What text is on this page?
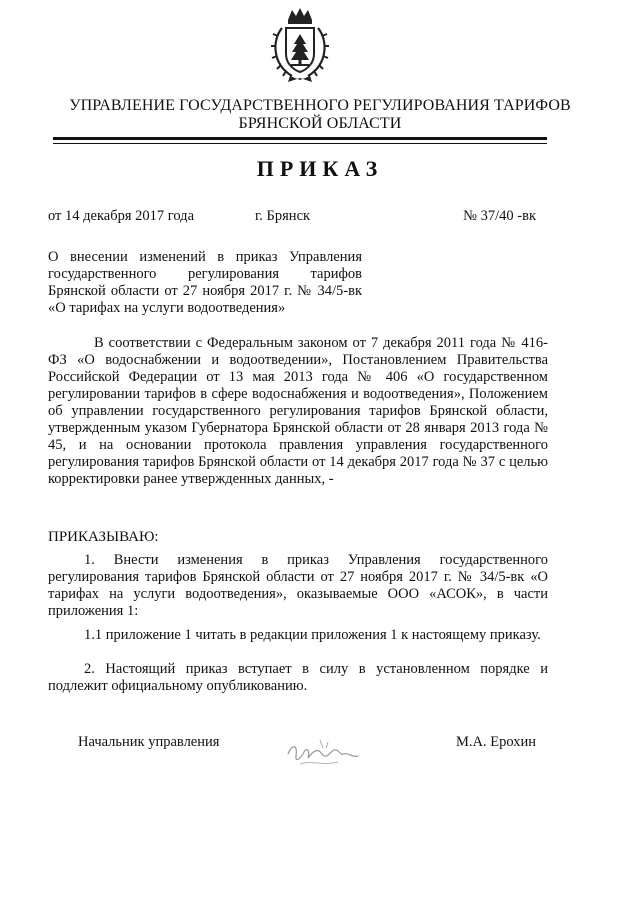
УПРАВЛЕНИЕ ГОСУДАРСТВЕННОГО РЕГУЛИРОВАНИЯ ТАРИФОВ
БРЯНСКОЙ ОБЛАСТИ
ПРИКАЗ
от 14 декабря 2017 года	г. Брянск	№ 37/40 -вк
О внесении изменений в приказ Управления государственного регулирования тарифов Брянской области от 27 ноября 2017 г. № 34/5-вк «О тарифах на услуги водоотведения»
В соответствии с Федеральным законом от 7 декабря 2011 года № 416-ФЗ «О водоснабжении и водоотведении», Постановлением Правительства Российской Федерации от 13 мая 2013 года № 406 «О государственном регулировании тарифов в сфере водоснабжения и водоотведения», Положением об управлении государственного регулирования тарифов Брянской области, утвержденным указом Губернатора Брянской области от 28 января 2013 года № 45, и на основании протокола правления управления государственного регулирования тарифов Брянской области от 14 декабря 2017 года № 37 с целью корректировки ранее утвержденных данных, -
ПРИКАЗЫВАЮ:
1. Внести изменения в приказ Управления государственного регулирования тарифов Брянской области от 27 ноября 2017 г. № 34/5-вк «О тарифах на услуги водоотведения», оказываемые ООО «АСОК», в части приложения 1:
1.1 приложение 1 читать в редакции приложения 1 к настоящему приказу.
2. Настоящий приказ вступает в силу в установленном порядке и подлежит официальному опубликованию.
Начальник управления	М.А. Ерохин
